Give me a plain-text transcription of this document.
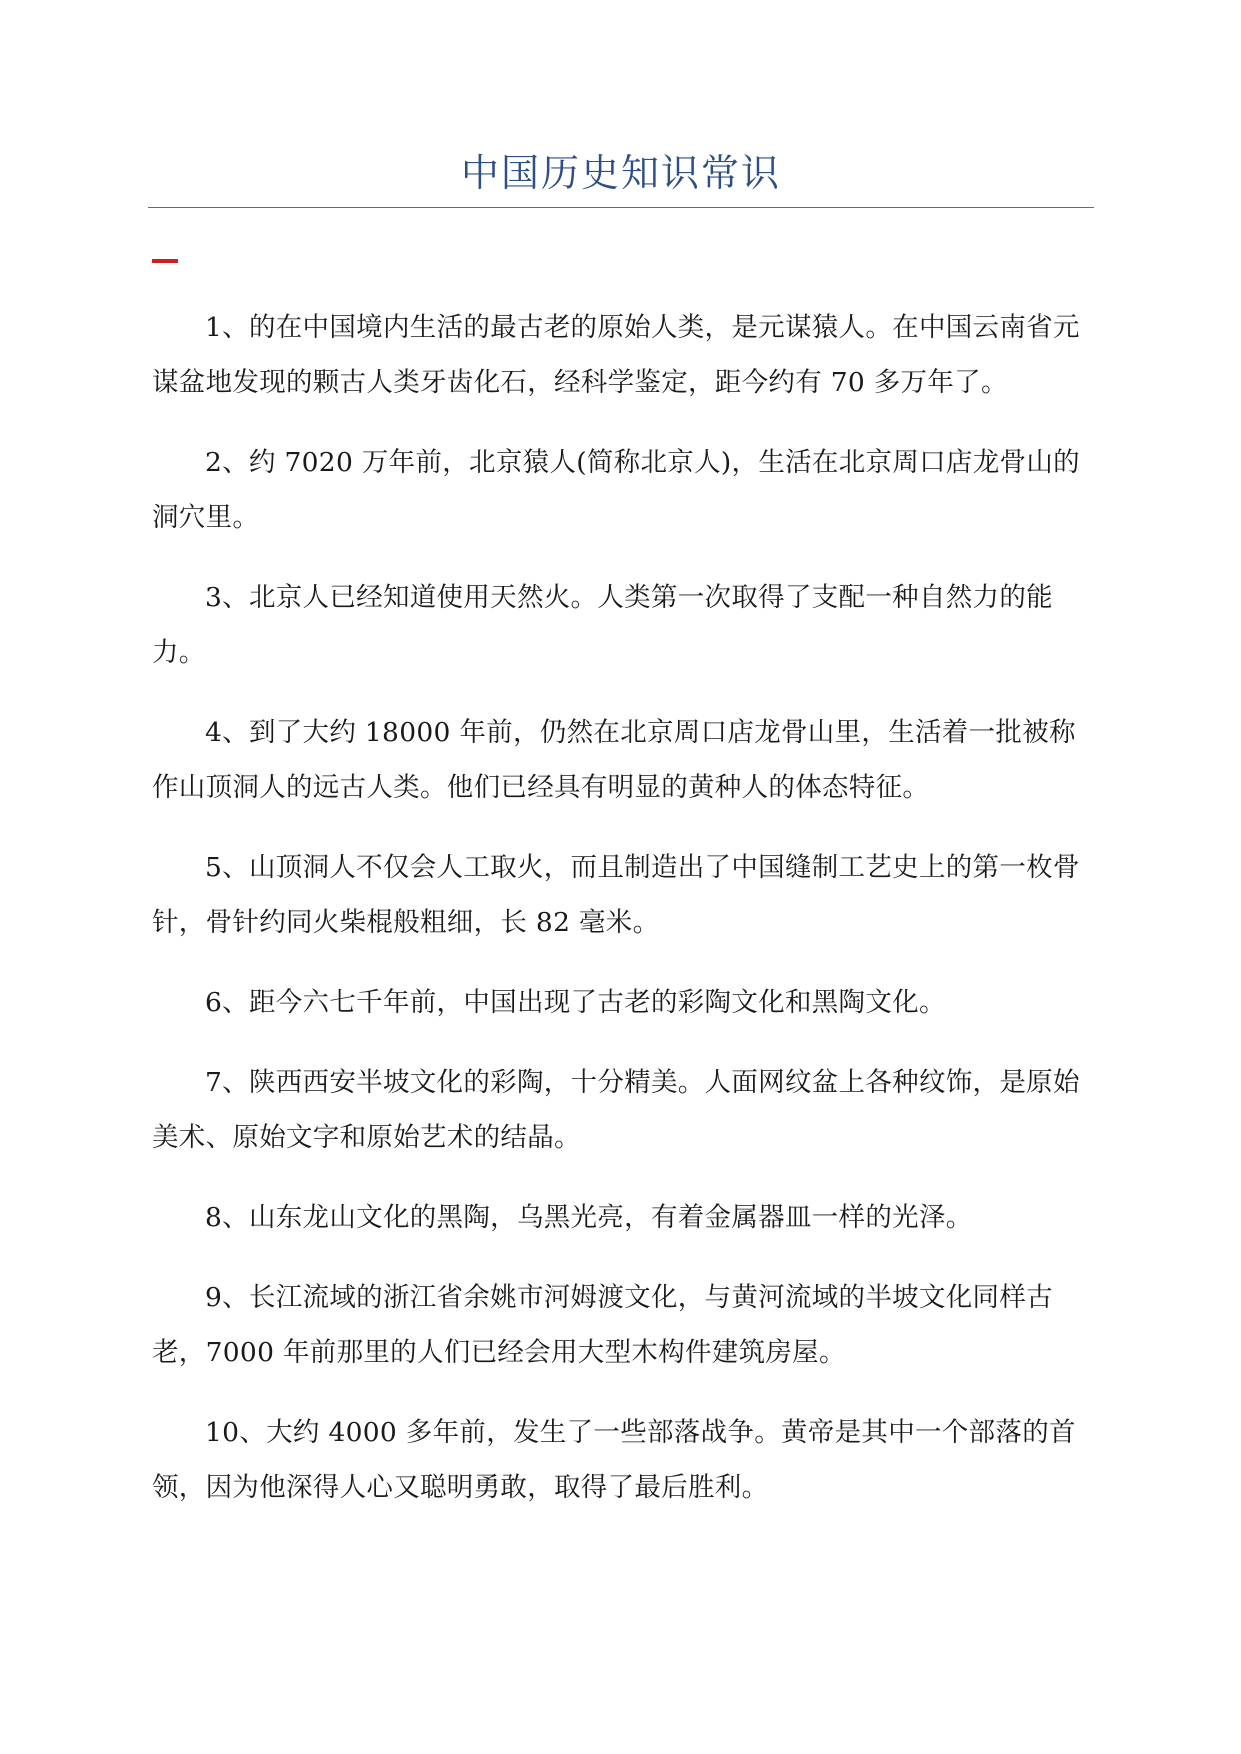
中国历史知识常识

1、的在中国境内生活的最古老的原始人类，是元谋猿人。在中国云南省元谋盆地发现的颗古人类牙齿化石，经科学鉴定，距今约有 70 多万年了。

2、约 7020 万年前，北京猿人(简称北京人)，生活在北京周口店龙骨山的洞穴里。

3、北京人已经知道使用天然火。人类第一次取得了支配一种自然力的能力。

4、到了大约 18000 年前，仍然在北京周口店龙骨山里，生活着一批被称作山顶洞人的远古人类。他们已经具有明显的黄种人的体态特征。

5、山顶洞人不仅会人工取火，而且制造出了中国缝制工艺史上的第一枚骨针，骨针约同火柴棍般粗细，长 82 毫米。

6、距今六七千年前，中国出现了古老的彩陶文化和黑陶文化。

7、陕西西安半坡文化的彩陶，十分精美。人面网纹盆上各种纹饰，是原始美术、原始文字和原始艺术的结晶。

8、山东龙山文化的黑陶，乌黑光亮，有着金属器皿一样的光泽。

9、长江流域的浙江省余姚市河姆渡文化，与黄河流域的半坡文化同样古老，7000 年前那里的人们已经会用大型木构件建筑房屋。

10、大约 4000 多年前，发生了一些部落战争。黄帝是其中一个部落的首领，因为他深得人心又聪明勇敢，取得了最后胜利。
